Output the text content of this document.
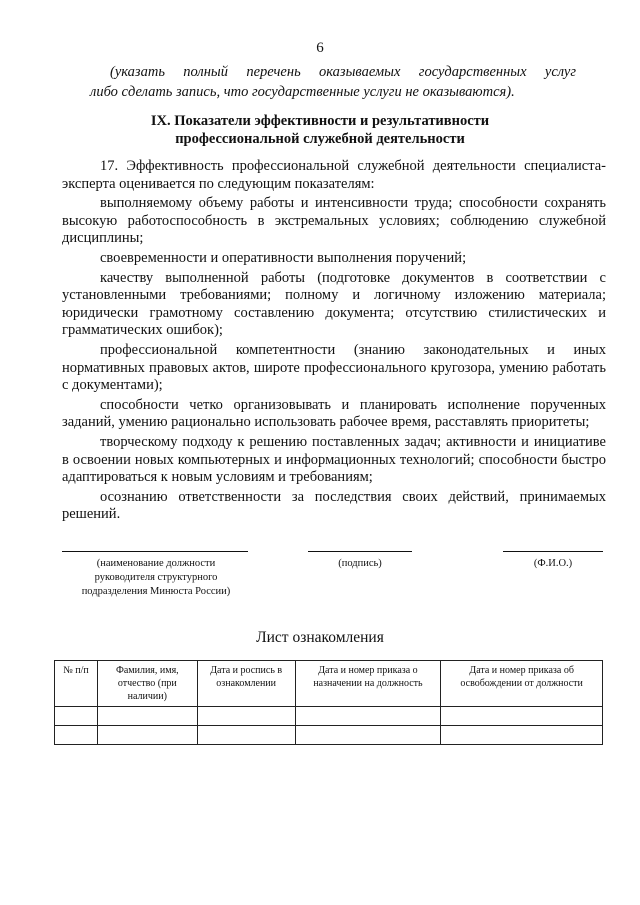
6
(указать полный перечень оказываемых государственных услуг
либо сделать запись, что государственные услуги не оказываются).
IX. Показатели эффективности и результативности
профессиональной служебной деятельности

17. Эффективность профессиональной служебной деятельности специалиста-эксперта оценивается по следующим показателям:

выполняемому объему работы и интенсивности труда; способности сохранять высокую работоспособность в экстремальных условиях; соблюдению служебной дисциплины;

своевременности и оперативности выполнения поручений;

качеству выполненной работы (подготовке документов в соответствии с установленными требованиями; полному и логичному изложению материала; юридически грамотному составлению документа; отсутствию стилистических и грамматических ошибок);

профессиональной компетентности (знанию законодательных и иных нормативных правовых актов, широте профессионального кругозора, умению работать с документами);

способности четко организовывать и планировать исполнение порученных заданий, умению рационально использовать рабочее время, расставлять приоритеты;

творческому подходу к решению поставленных задач; активности и инициативе в освоении новых компьютерных и информационных технологий; способности быстро адаптироваться к новым условиям и требованиям;

осознанию ответственности за последствия своих действий, принимаемых решений.

(наименование должности руководителя структурного подразделения Минюста России)
(подпись)	(Ф.И.О.)
Лист ознакомления
№ п/п	Фамилия, имя, отчество (при наличии)	Дата и роспись в ознакомлении	Дата и номер приказа о назначении на должность	Дата и номер приказа об освобождении от должности
